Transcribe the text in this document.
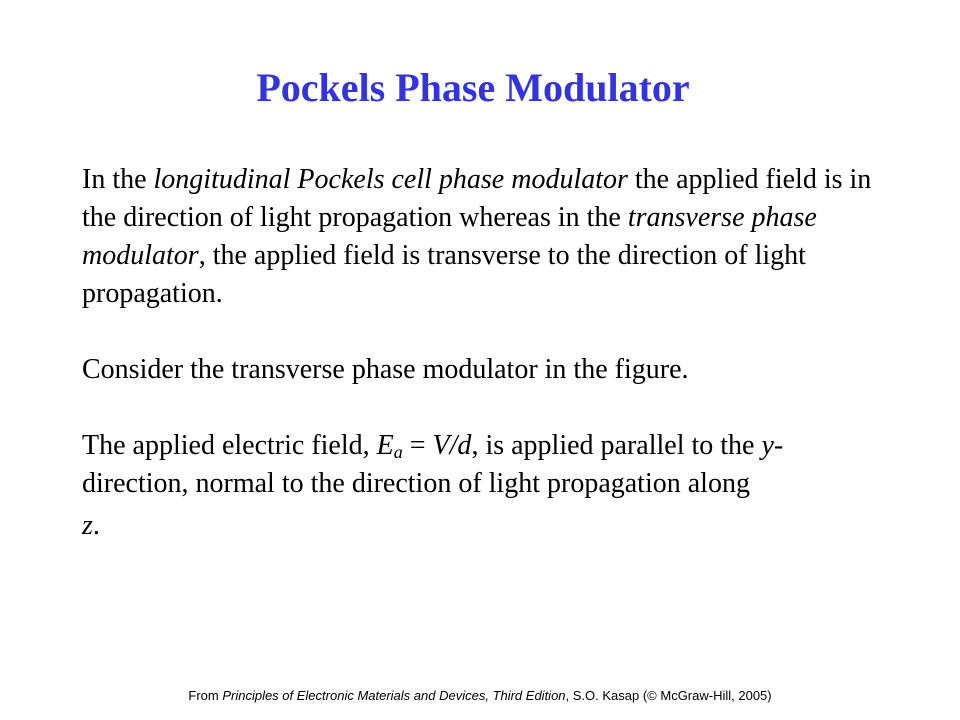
Pockels Phase Modulator
In the longitudinal Pockels cell phase modulator the applied field is in the direction of light propagation whereas in the transverse phase modulator, the applied field is transverse to the direction of light propagation.
Consider the transverse phase modulator in the figure.
The applied electric field, $E_a = V/d$, is applied parallel to the y-direction, normal to the direction of light propagation along
z.
From Principles of Electronic Materials and Devices, Third Edition, S.O. Kasap (© McGraw-Hill, 2005)
